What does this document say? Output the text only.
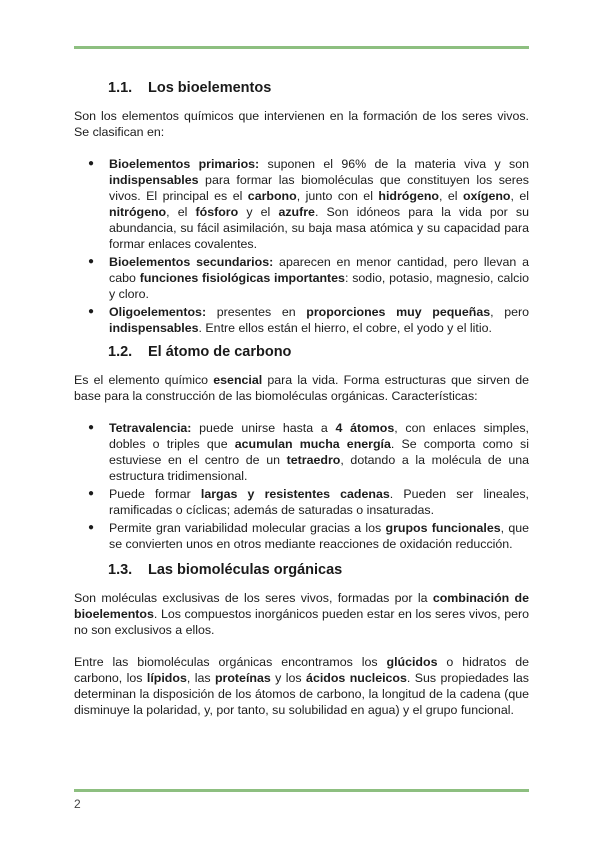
1.1. Los bioelementos

Son los elementos químicos que intervienen en la formación de los seres vivos. Se clasifican en:

● Bioelementos primarios: suponen el 96% de la materia viva y son indispensables para formar las biomoléculas que constituyen los seres vivos. El principal es el carbono, junto con el hidrógeno, el oxígeno, el nitrógeno, el fósforo y el azufre. Son idóneos para la vida por su abundancia, su fácil asimilación, su baja masa atómica y su capacidad para formar enlaces covalentes.
● Bioelementos secundarios: aparecen en menor cantidad, pero llevan a cabo funciones fisiológicas importantes: sodio, potasio, magnesio, calcio y cloro.
● Oligoelementos: presentes en proporciones muy pequeñas, pero indispensables. Entre ellos están el hierro, el cobre, el yodo y el litio.
1.2. El átomo de carbono

Es el elemento químico esencial para la vida. Forma estructuras que sirven de base para la construcción de las biomoléculas orgánicas. Características:

● Tetravalencia: puede unirse hasta a 4 átomos, con enlaces simples, dobles o triples que acumulan mucha energía. Se comporta como si estuviese en el centro de un tetraedro, dotando a la molécula de una estructura tridimensional.
● Puede formar largas y resistentes cadenas. Pueden ser lineales, ramificadas o cíclicas; además de saturadas o insaturadas.
● Permite gran variabilidad molecular gracias a los grupos funcionales, que se convierten unos en otros mediante reacciones de oxidación reducción.
1.3. Las biomoléculas orgánicas

Son moléculas exclusivas de los seres vivos, formadas por la combinación de bioelementos. Los compuestos inorgánicos pueden estar en los seres vivos, pero no son exclusivos a ellos.

Entre las biomoléculas orgánicas encontramos los glúcidos o hidratos de carbono, los lípidos, las proteínas y los ácidos nucleicos. Sus propiedades las determinan la disposición de los átomos de carbono, la longitud de la cadena (que disminuye la polaridad, y, por tanto, su solubilidad en agua) y el grupo funcional.

2
